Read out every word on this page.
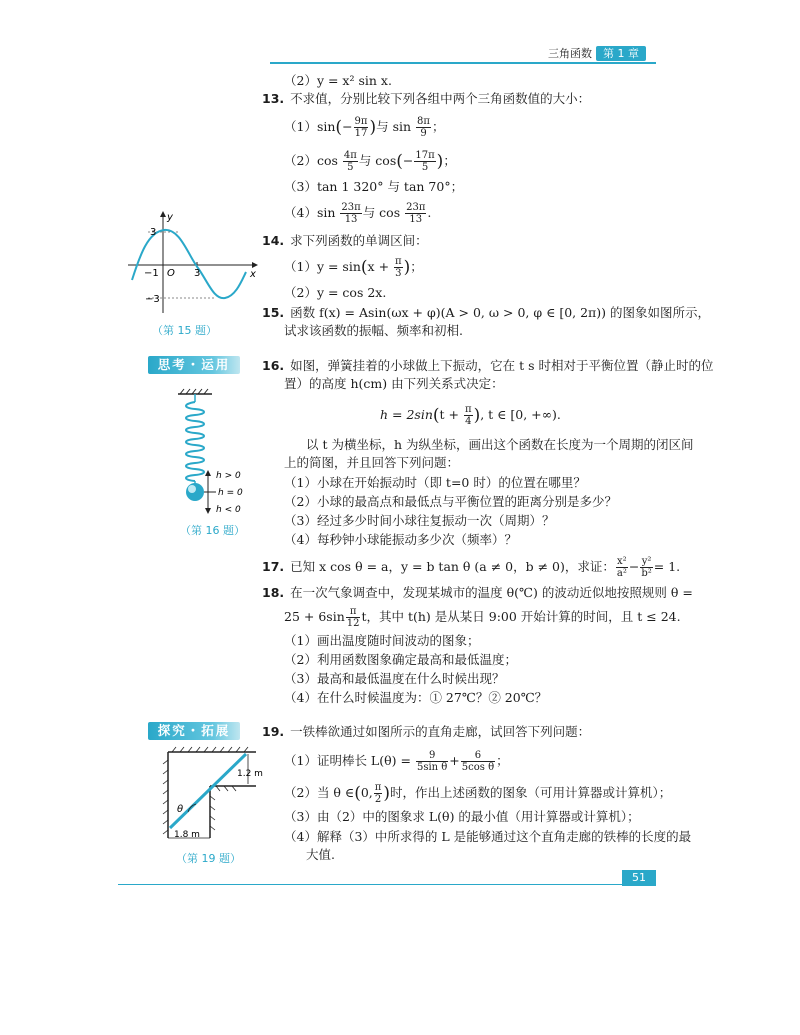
三角函数 第 1 章
（2）y = x² sin x.
13. 不求值，分别比较下列各组中两个三角函数值的大小：
$(1)\sin(- \frac{9\pi}{17}$ )与 $\sin \frac{8\pi}{9}$ ；
$(2)\cos \frac{4\pi}{5}$ 与 $\cos(- \frac{17\pi}{5}$ )；
（3）tan 1 320° 与 tan 70°；
$(4)\sin \frac{23\pi}{13}$ 与 $\cos \frac{23\pi}{13}$ .
14. 求下列函数的单调区间：
$(1)y = \sin(x + \frac{\pi}{3}$ )；
（2）y = cos 2x.
15. 函数 f(x) = Asin(ωx + φ)(A > 0, ω > 0, φ ∈ [0, 2π)) 的图象如图所示，
试求该函数的振幅、频率和初相.
y
x
3
−3
−1 O 3
（第 15 题）
思考・运用	16. 如图，弹簧挂着的小球做上下振动，它在 t s 时相对于平衡位置（静止时的位
置）的高度 h(cm) 由下列关系式决定：
$h = 2\sin(t + \frac{\pi}{4}$ ), t ∈ [0, +∞).
以 t 为横坐标，h 为纵坐标，画出这个函数在长度为一个周期的闭区间
上的简图，并且回答下列问题：
（1）小球在开始振动时（即 t=0 时）的位置在哪里？
（2）小球的最高点和最低点与平衡位置的距离分别是多少？
（3）经过多少时间小球往复振动一次（周期）？
（4）每秒钟小球能振动多少次（频率）？
h > 0
h = 0
h < 0
（第 16 题）
17. 已知 x cos θ = a，y = b tan θ (a ≠ 0，b ≠ 0)，求证： $\frac{\text{x²}}{\text{a²}} - \frac{\text{y²}}{\text{b²}} = 1$.
18. 在一次气象调查中，发现某城市的温度 θ(℃) 的波动近似地按照规则 θ =
$25 + 6\sin \frac{\pi}{12}$ t，其中 t(h) 是从某日 9:00 开始计算的时间，且 t ≤ 24.
（1）画出温度随时间波动的图象；
（2）利用函数图象确定最高和最低温度；
（3）最高和最低温度在什么时候出现？
（4）在什么时候温度为：① 27℃？② 20℃？
探究・拓展	19. 一铁棒欲通过如图所示的直角走廊，试回答下列问题：
（1）证明棒长 $L(\theta) = \frac{9}{\text{5sin θ}} + \frac{6}{\text{5cos θ}}$ ；
（2）当 θ ∈(0, $\frac{\pi}{2}$ )时，作出上述函数的图象（可用计算器或计算机）；
（3）由（2）中的图象求 L(θ) 的最小值（用计算器或计算机）；
（4）解释（3）中所求得的 L 是能够通过这个直角走廊的铁棒的长度的最
大值.
θ
1.2 m
1.8 m
（第 19 题）
51
